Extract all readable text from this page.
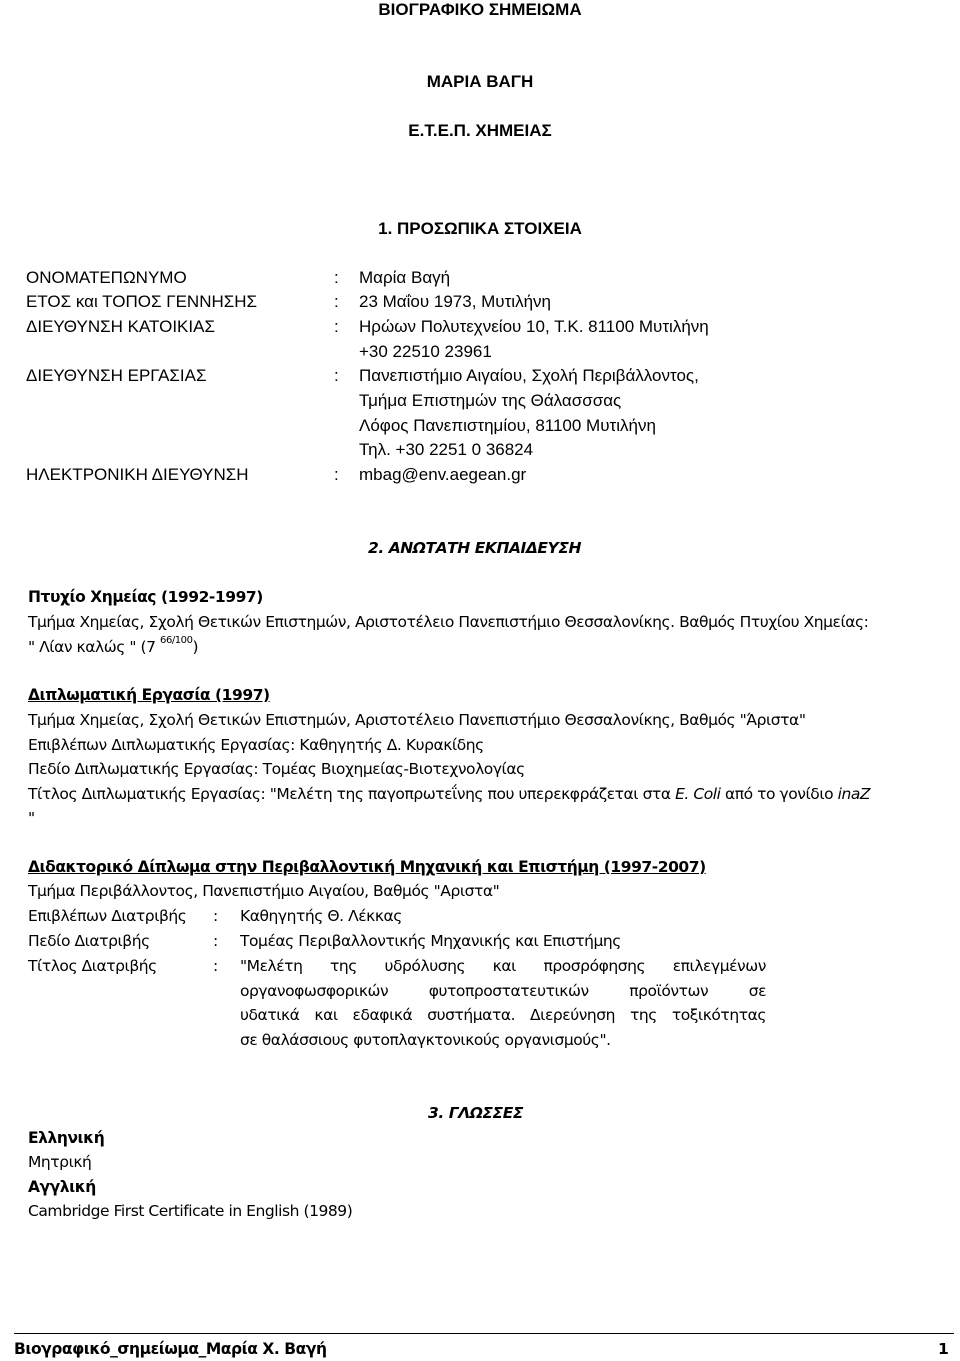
ΒΙΟΓΡΑΦΙΚΟ ΣΗΜΕΙΩΜΑ
ΜΑΡΙΑ ΒΑΓΗ
Ε.Τ.Ε.Π. ΧΗΜΕΙΑΣ
1. ΠΡΟΣΩΠΙΚΑ ΣΤΟΙΧΕΙΑ
ΟΝΟΜΑΤΕΠΩΝΥΜΟ	: Μαρία Βαγή
ΕΤΟΣ και ΤΟΠΟΣ ΓΕΝΝΗΣΗΣ	: 23 Μαΐου 1973, Μυτιλήνη
ΔΙΕΥΘΥΝΣΗ ΚΑΤΟΙΚΙΑΣ	: Ηρώων Πολυτεχνείου 10, Τ.Κ. 81100 Μυτιλήνη
+30 22510 23961
ΔΙΕΥΘΥΝΣΗ ΕΡΓΑΣΙΑΣ	: Πανεπιστήμιο Αιγαίου, Σχολή Περιβάλλοντος,
Τμήμα Επιστημών της Θάλασσσας
Λόφος Πανεπιστημίου, 81100 Μυτιλήνη
Τηλ. +30 2251 0 36824
ΗΛΕΚΤΡΟΝΙΚΗ ΔΙΕΥΘΥΝΣΗ	: mbag@env.aegean.gr
2. ΑΝΩΤΑΤΗ ΕΚΠΑΙΔΕΥΣΗ
Πτυχίο Χημείας (1992-1997)
Τμήμα Χημείας, Σχολή Θετικών Επιστημών, Αριστοτέλειο Πανεπιστήμιο Θεσσαλονίκης. Βαθμός Πτυχίου Χημείας:
" Λίαν καλώς " (7 $^{66/100}$)
Διπλωματική Εργασία (1997)
Τμήμα Χημείας, Σχολή Θετικών Επιστημών, Αριστοτέλειο Πανεπιστήμιο Θεσσαλονίκης, Βαθμός "Άριστα"
Επιβλέπων Διπλωματικής Εργασίας: Καθηγητής Δ. Κυρακίδης
Πεδίο Διπλωματικής Εργασίας: Τομέας Βιοχημείας-Βιοτεχνολογίας
Τίτλος Διπλωματικής Εργασίας: "Μελέτη της παγοπρωτεΐνης που υπερεκφράζεται στα E. Coli από το γονίδιο inaZ
"
Διδακτορικό Δίπλωμα στην Περιβαλλοντική Μηχανική και Επιστήμη (1997-2007)
Τμήμα Περιβάλλοντος, Πανεπιστήμιο Αιγαίου, Βαθμός "Αριστα"
Επιβλέπων Διατριβής : Καθηγητής Θ. Λέκκας
Πεδίο Διατριβής	: Τομέας Περιβαλλοντικής Μηχανικής και Επιστήμης
Τίτλος Διατριβής	: "Μελέτη της υδρόλυσης και προσρόφησης επιλεγμένων
οργανοφωσφορικών φυτοπροστατευτικών προϊόντων σε
υδατικά και εδαφικά συστήματα. Διερεύνηση της τοξικότητας
σε θαλάσσιους φυτοπλαγκτονικούς οργανισμούς".
3. ΓΛΩΣΣΕΣ
Ελληνική
Μητρική
Αγγλική
Cambridge First Certificate in English (1989)
Βιογραφικό_σημείωμα_Μαρία Χ. Βαγή	1
